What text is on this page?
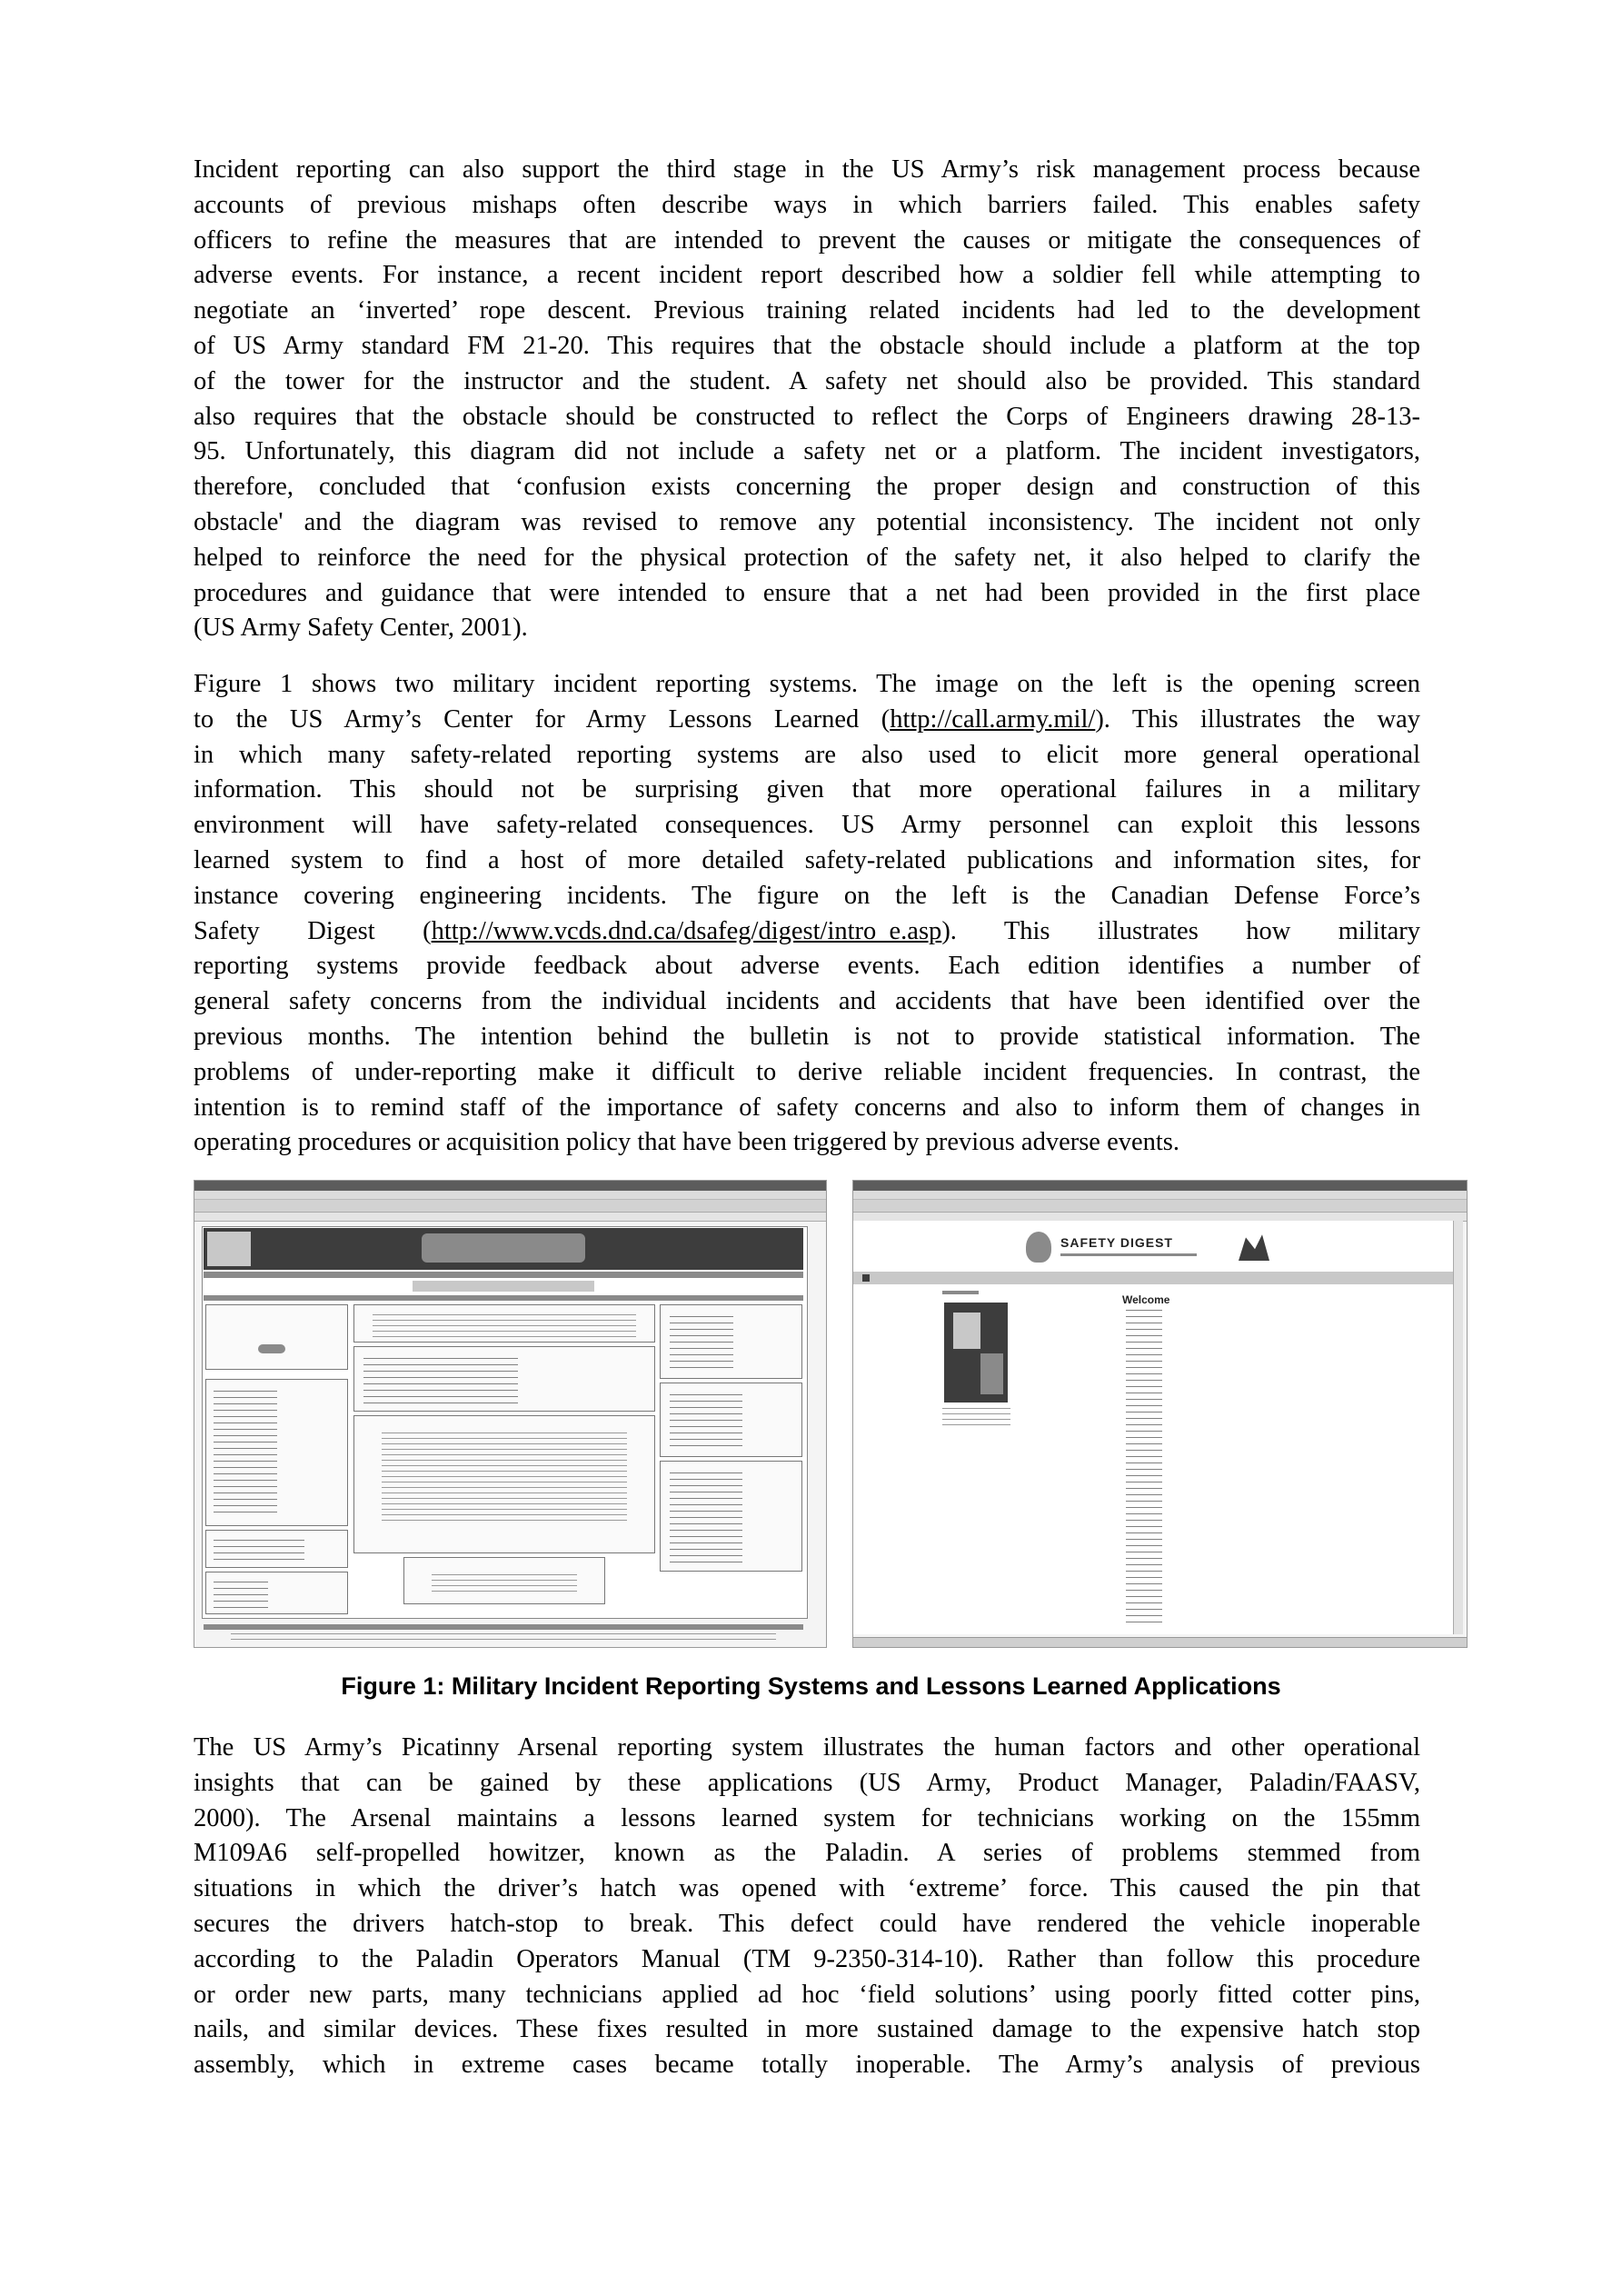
Incident reporting can also support the third stage in the US Army’s risk management process because
accounts of previous mishaps often describe ways in which barriers failed. This enables safety
officers to refine the measures that are intended to prevent the causes or mitigate the consequences of
adverse events. For instance, a recent incident report described how a soldier fell while attempting to
negotiate an ‘inverted’ rope descent. Previous training related incidents had led to the development
of US Army standard FM 21-20. This requires that the obstacle should include a platform at the top
of the tower for the instructor and the student. A safety net should also be provided. This standard
also requires that the obstacle should be constructed to reflect the Corps of Engineers drawing 28-13-
95. Unfortunately, this diagram did not include a safety net or a platform. The incident investigators,
therefore, concluded that ‘confusion exists concerning the proper design and construction of this
obstacle' and the diagram was revised to remove any potential inconsistency. The incident not only
helped to reinforce the need for the physical protection of the safety net, it also helped to clarify the
procedures and guidance that were intended to ensure that a net had been provided in the first place
(US Army Safety Center, 2001).
Figure 1 shows two military incident reporting systems. The image on the left is the opening screen
to the US Army’s Center for Army Lessons Learned (http://call.army.mil/). This illustrates the way
in which many safety-related reporting systems are also used to elicit more general operational
information. This should not be surprising given that more operational failures in a military
environment will have safety-related consequences. US Army personnel can exploit this lessons
learned system to find a host of more detailed safety-related publications and information sites, for
instance covering engineering incidents. The figure on the left is the Canadian Defense Force’s
Safety Digest (http://www.vcds.dnd.ca/dsafeg/digest/intro_e.asp). This illustrates how military
reporting systems provide feedback about adverse events. Each edition identifies a number of
general safety concerns from the individual incidents and accidents that have been identified over the
previous months. The intention behind the bulletin is not to provide statistical information. The
problems of under-reporting make it difficult to derive reliable incident frequencies. In contrast, the
intention is to remind staff of the importance of safety concerns and also to inform them of changes in
operating procedures or acquisition policy that have been triggered by previous adverse events.
SAFETY DIGEST
Welcome
Figure 1: Military Incident Reporting Systems and Lessons Learned Applications
The US Army’s Picatinny Arsenal reporting system illustrates the human factors and other operational
insights that can be gained by these applications (US Army, Product Manager, Paladin/FAASV,
2000). The Arsenal maintains a lessons learned system for technicians working on the 155mm
M109A6 self-propelled howitzer, known as the Paladin. A series of problems stemmed from
situations in which the driver’s hatch was opened with ‘extreme’ force. This caused the pin that
secures the drivers hatch-stop to break. This defect could have rendered the vehicle inoperable
according to the Paladin Operators Manual (TM 9-2350-314-10). Rather than follow this procedure
or order new parts, many technicians applied ad hoc ‘field solutions’ using poorly fitted cotter pins,
nails, and similar devices. These fixes resulted in more sustained damage to the expensive hatch stop
assembly, which in extreme cases became totally inoperable. The Army’s analysis of previous
